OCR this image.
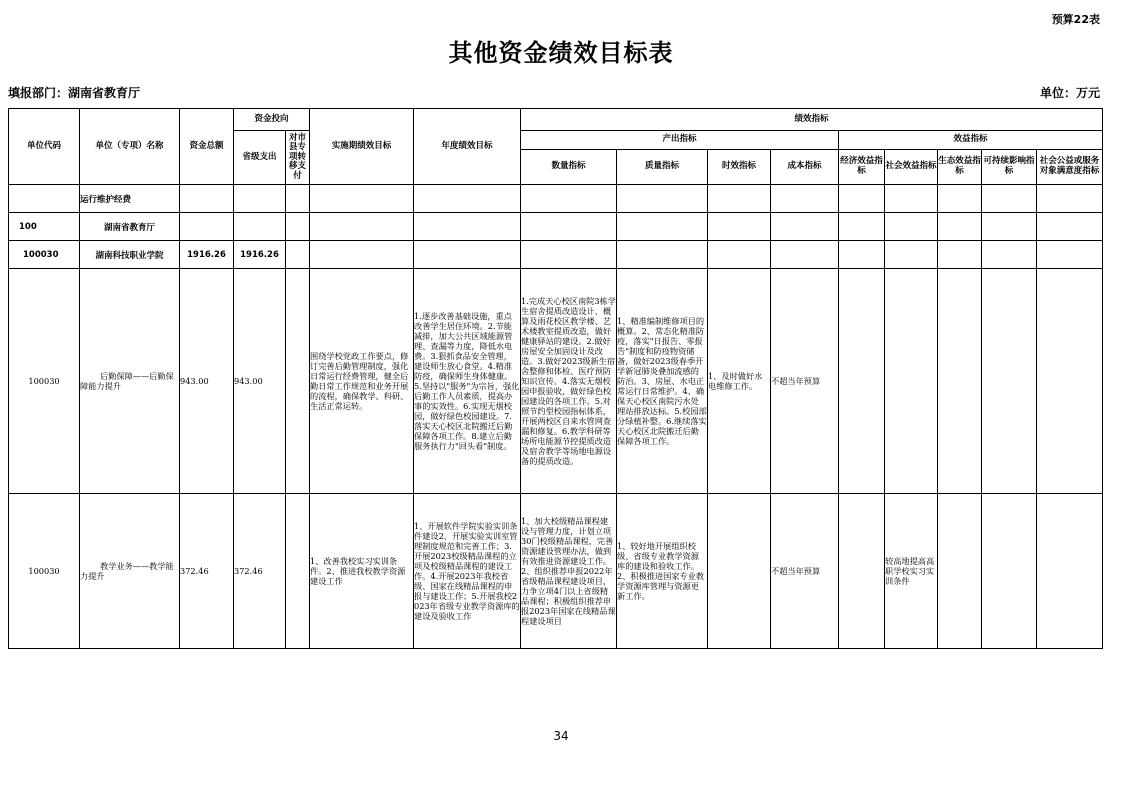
预算22表
其他资金绩效目标表
填报部门：湖南省教育厅	单位：万元
单位代码	单位（专项）名称	资金总额	资金投向		实施期绩效目标	年度绩效目标	绩效指标								
			省级支出	对市县专项转移支付			产出指标				效益指标				
							数量指标	质量指标	时效指标	成本指标	经济效益指标	社会效益指标	生态效益指标	可持续影响指标	社会公益或服务对象满意度指标
	运行维护经费														
100	湖南省教育厅														
100030	湖南科技职业学院	1916.26	1916.26												
100030	后勤保障——后勤保障能力提升	943.00	943.00		围绕学校党政工作要点，修订完善后勤管理制度，强化日常运行经费管理，健全后勤日常工作规范和业务开展的流程，确保教学、科研、生活正常运转。	1.逐步改善基础设施，重点改善学生居住环境。2.节能减排，加大公共区域能源管理、查漏等力度，降低水电费。3.狠抓食品安全管理，建设师生放心食堂。4.精准防疫，确保师生身体健康。5.坚持以"服务"为宗旨，强化后勤工作人员素质，提高办事的实效性。6.实现无烟校园，做好绿色校园建设。7.落实天心校区北院搬迁后勤保障各项工作。8.建立后勤服务执行力"回头看"制度。	1.完成天心校区南院3栋学生宿舍提质改造设计、概算及雨花校区教学楼、艺术楼教室提质改造，做好健康驿站的建设。2.做好房屋安全加固设计及改造。3.做好2023级新生宿舍整修和体检、医疗预防知识宣传。4.落实无烟校园申报验收，做好绿色校园建设的各项工作。5.对照节约型校园指标体系，开展两校区自来水管网查漏和修复。6.教学科研等场所电能源节控提质改造及宿舍教学等场地电源设备的提质改造。	1、精准编制维修项目的概算。2、常态化精准防疫，落实"日报告、零报告"制度和防疫物资储备，做好2023级春季开学新冠肺炎叠加流感的防治。3、房屋、水电正常运行日常维护。4、确保天心校区南院污水处理站排放达标。5.校园部分绿植补整。6.继续落实天心校区北院搬迁后勤保障各项工作。	1、及时做好水电维修工作。	不超当年预算					
100030	教学业务——教学能力提升	372.46	372.46		1、改善我校实习实训条件。2、推进我校教学资源建设工作	1、开展软件学院实验实训条件建设2、开展实验实训室管理制度规范和完善工作；3.开展2023校级精品课程的立项及校级精品课程的建设工作。4.开展2023年我校省级、国家在线精品课程的申报与建设工作；5.开展我校2023年省级专业教学资源库的建设及验收工作	1、加大校级精品课程建设与管理力度，计划立项30门校级精品课程，完善资源建设管理办法，做到有效推进资源建设工作。2、组织推荐申报2022年省级精品课程建设项目，力争立项4门以上省级精品课程；积极组织推荐申报2023年国家在线精品课程建设项目	1、较好地开展组织校级、省级专业教学资源库的建设和验收工作。2、积极推进国家专业教学资源库管理与资源更新工作。		不超当年预算		较高地提高高职学校实习实训条件			
34
